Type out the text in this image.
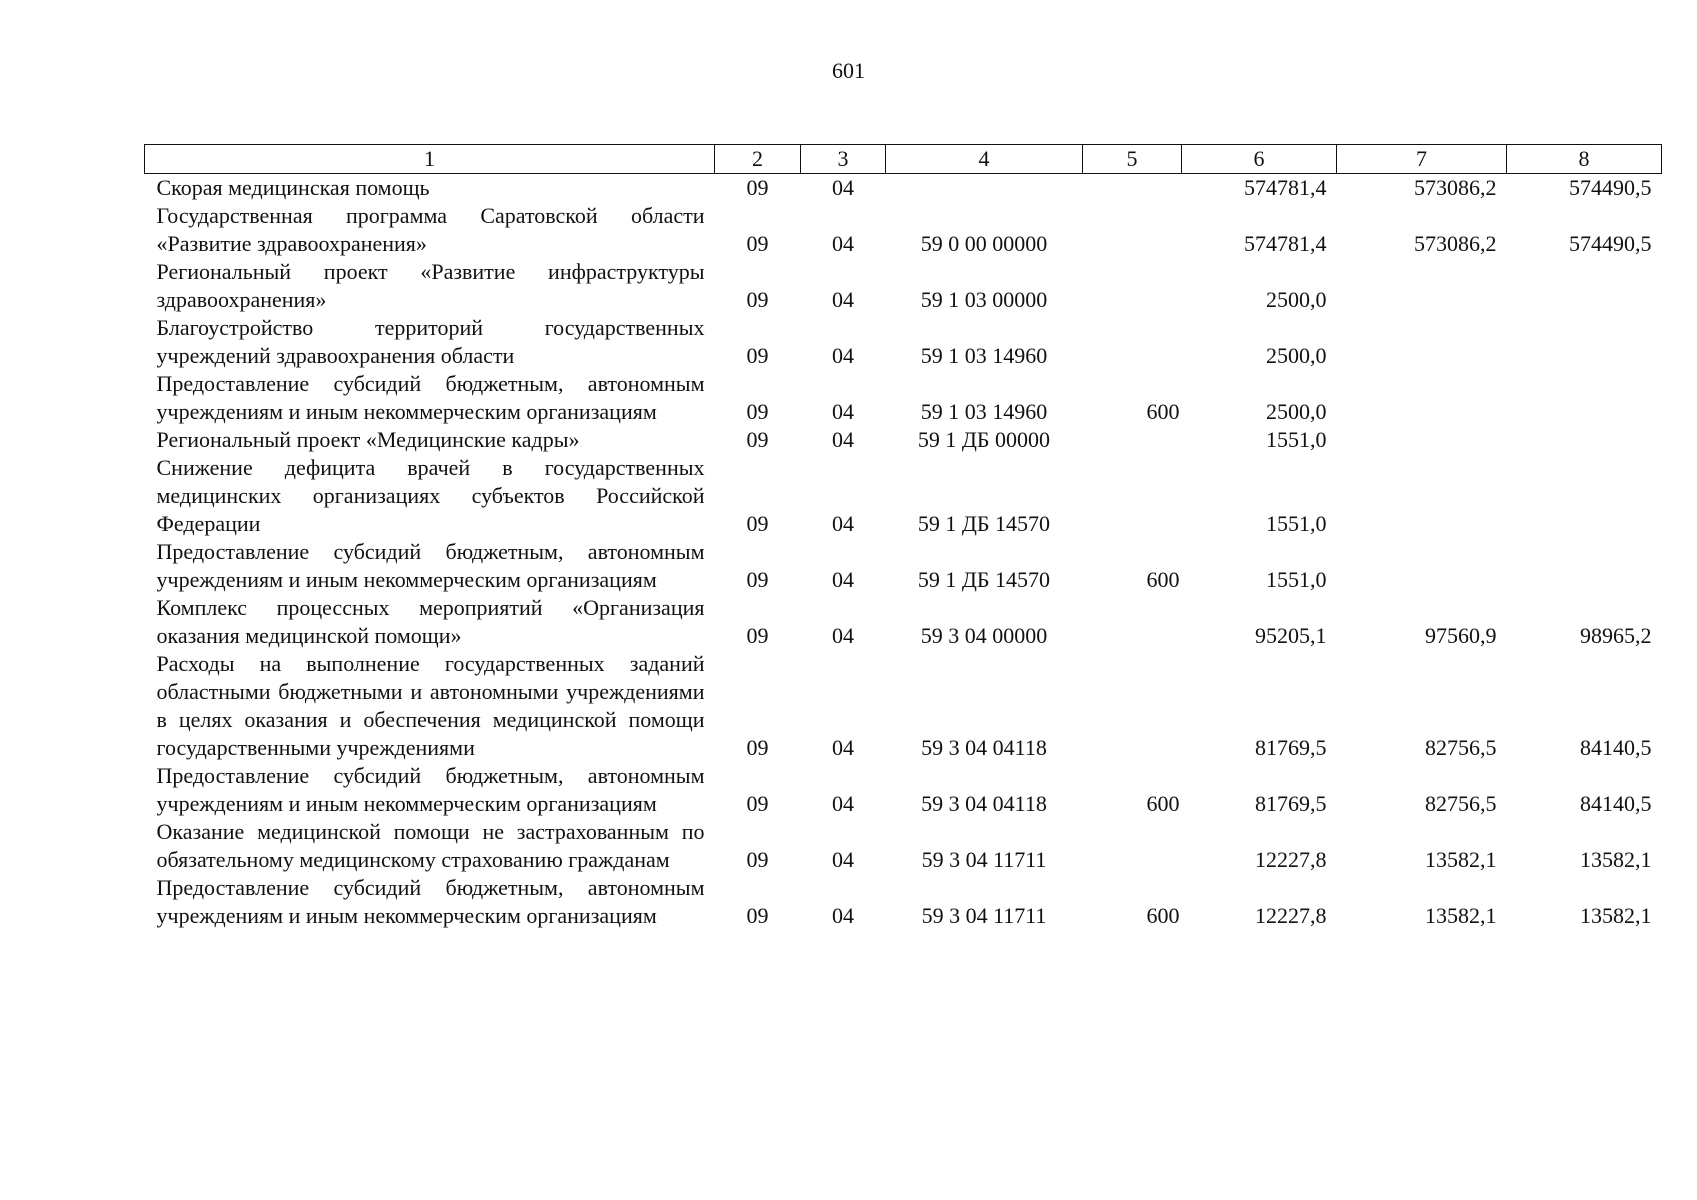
601
1	2	3	4	5	6	7	8
Скорая медицинская помощь	09	04			574781,4	573086,2	574490,5
Государственная программа Саратовской области «Развитие здравоохранения»	09	04	59 0 00 00000		574781,4	573086,2	574490,5
Региональный проект «Развитие инфраструктуры здравоохранения»	09	04	59 1 03 00000		2500,0		
Благоустройство территорий государственных учреждений здравоохранения области	09	04	59 1 03 14960		2500,0		
Предоставление субсидий бюджетным, автономным учреждениям и иным некоммерческим организациям	09	04	59 1 03 14960	600	2500,0		
Региональный проект «Медицинские кадры»	09	04	59 1 ДБ 00000		1551,0		
Снижение дефицита врачей в государственных медицинских организациях субъектов Российской Федерации	09	04	59 1 ДБ 14570		1551,0		
Предоставление субсидий бюджетным, автономным учреждениям и иным некоммерческим организациям	09	04	59 1 ДБ 14570	600	1551,0		
Комплекс процессных мероприятий «Организация оказания медицинской помощи»	09	04	59 3 04 00000		95205,1	97560,9	98965,2
Расходы на выполнение государственных заданий областными бюджетными и автономными учреждениями в целях оказания и обеспечения медицинской помощи государственными учреждениями	09	04	59 3 04 04118		81769,5	82756,5	84140,5
Предоставление субсидий бюджетным, автономным учреждениям и иным некоммерческим организациям	09	04	59 3 04 04118	600	81769,5	82756,5	84140,5
Оказание медицинской помощи не застрахованным по обязательному медицинскому страхованию гражданам	09	04	59 3 04 11711		12227,8	13582,1	13582,1
Предоставление субсидий бюджетным, автономным учреждениям и иным некоммерческим организациям	09	04	59 3 04 11711	600	12227,8	13582,1	13582,1
